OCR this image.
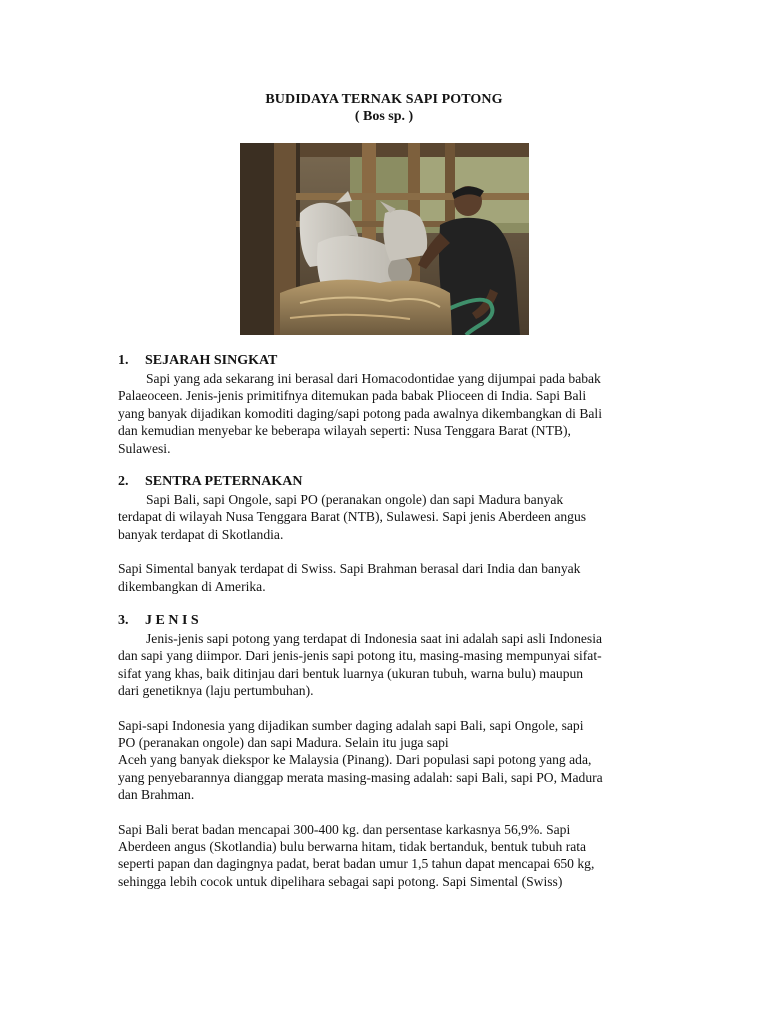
BUDIDAYA TERNAK SAPI POTONG
( Bos sp. )
1. SEJARAH SINGKAT
Sapi yang ada sekarang ini berasal dari Homacodontidae yang dijumpai pada babak
Palaeoceen. Jenis-jenis primitifnya ditemukan pada babak Plioceen di India. Sapi Bali
yang banyak dijadikan komoditi daging/sapi potong pada awalnya dikembangkan di Bali
dan kemudian menyebar ke beberapa wilayah seperti: Nusa Tenggara Barat (NTB),
Sulawesi.
2. SENTRA PETERNAKAN
Sapi Bali, sapi Ongole, sapi PO (peranakan ongole) dan sapi Madura banyak
terdapat di wilayah Nusa Tenggara Barat (NTB), Sulawesi. Sapi jenis Aberdeen angus
banyak terdapat di Skotlandia.
Sapi Simental banyak terdapat di Swiss. Sapi Brahman berasal dari India dan banyak
dikembangkan di Amerika.
3. J E N I S
Jenis-jenis sapi potong yang terdapat di Indonesia saat ini adalah sapi asli Indonesia
dan sapi yang diimpor. Dari jenis-jenis sapi potong itu, masing-masing mempunyai sifat-
sifat yang khas, baik ditinjau dari bentuk luarnya (ukuran tubuh, warna bulu) maupun
dari genetiknya (laju pertumbuhan).
Sapi-sapi Indonesia yang dijadikan sumber daging adalah sapi Bali, sapi Ongole, sapi
PO (peranakan ongole) dan sapi Madura. Selain itu juga sapi
Aceh yang banyak diekspor ke Malaysia (Pinang). Dari populasi sapi potong yang ada,
yang penyebarannya dianggap merata masing-masing adalah: sapi Bali, sapi PO, Madura
dan Brahman.
Sapi Bali berat badan mencapai 300-400 kg. dan persentase karkasnya 56,9%. Sapi
Aberdeen angus (Skotlandia) bulu berwarna hitam, tidak bertanduk, bentuk tubuh rata
seperti papan dan dagingnya padat, berat badan umur 1,5 tahun dapat mencapai 650 kg,
sehingga lebih cocok untuk dipelihara sebagai sapi potong. Sapi Simental (Swiss)
